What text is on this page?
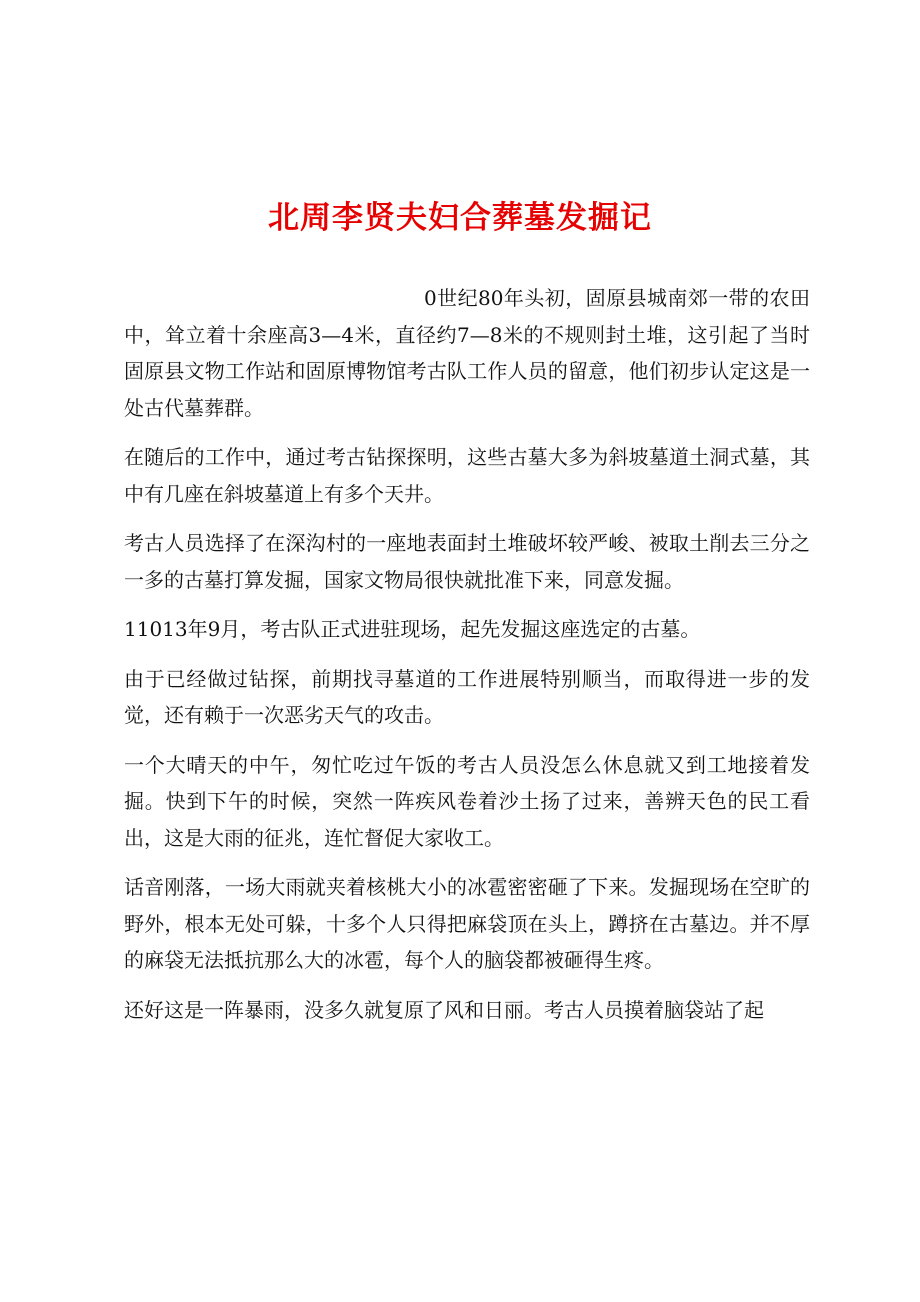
北周李贤夫妇合葬墓发掘记

0世纪80年头初，固原县城南郊一带的农田中，耸立着十余座高3—4米，直径约7—8米的不规则封土堆，这引起了当时固原县文物工作站和固原博物馆考古队工作人员的留意，他们初步认定这是一处古代墓葬群。

在随后的工作中，通过考古钻探探明，这些古墓大多为斜坡墓道土洞式墓，其中有几座在斜坡墓道上有多个天井。

考古人员选择了在深沟村的一座地表面封土堆破坏较严峻、被取土削去三分之一多的古墓打算发掘，国家文物局很快就批准下来，同意发掘。

11013年9月，考古队正式进驻现场，起先发掘这座选定的古墓。

由于已经做过钻探，前期找寻墓道的工作进展特别顺当，而取得进一步的发觉，还有赖于一次恶劣天气的攻击。

一个大晴天的中午，匆忙吃过午饭的考古人员没怎么休息就又到工地接着发掘。快到下午的时候，突然一阵疾风卷着沙土扬了过来，善辨天色的民工看出，这是大雨的征兆，连忙督促大家收工。

话音刚落，一场大雨就夹着核桃大小的冰雹密密砸了下来。发掘现场在空旷的野外，根本无处可躲，十多个人只得把麻袋顶在头上，蹲挤在古墓边。并不厚的麻袋无法抵抗那么大的冰雹，每个人的脑袋都被砸得生疼。

还好这是一阵暴雨，没多久就复原了风和日丽。考古人员摸着脑袋站了起
